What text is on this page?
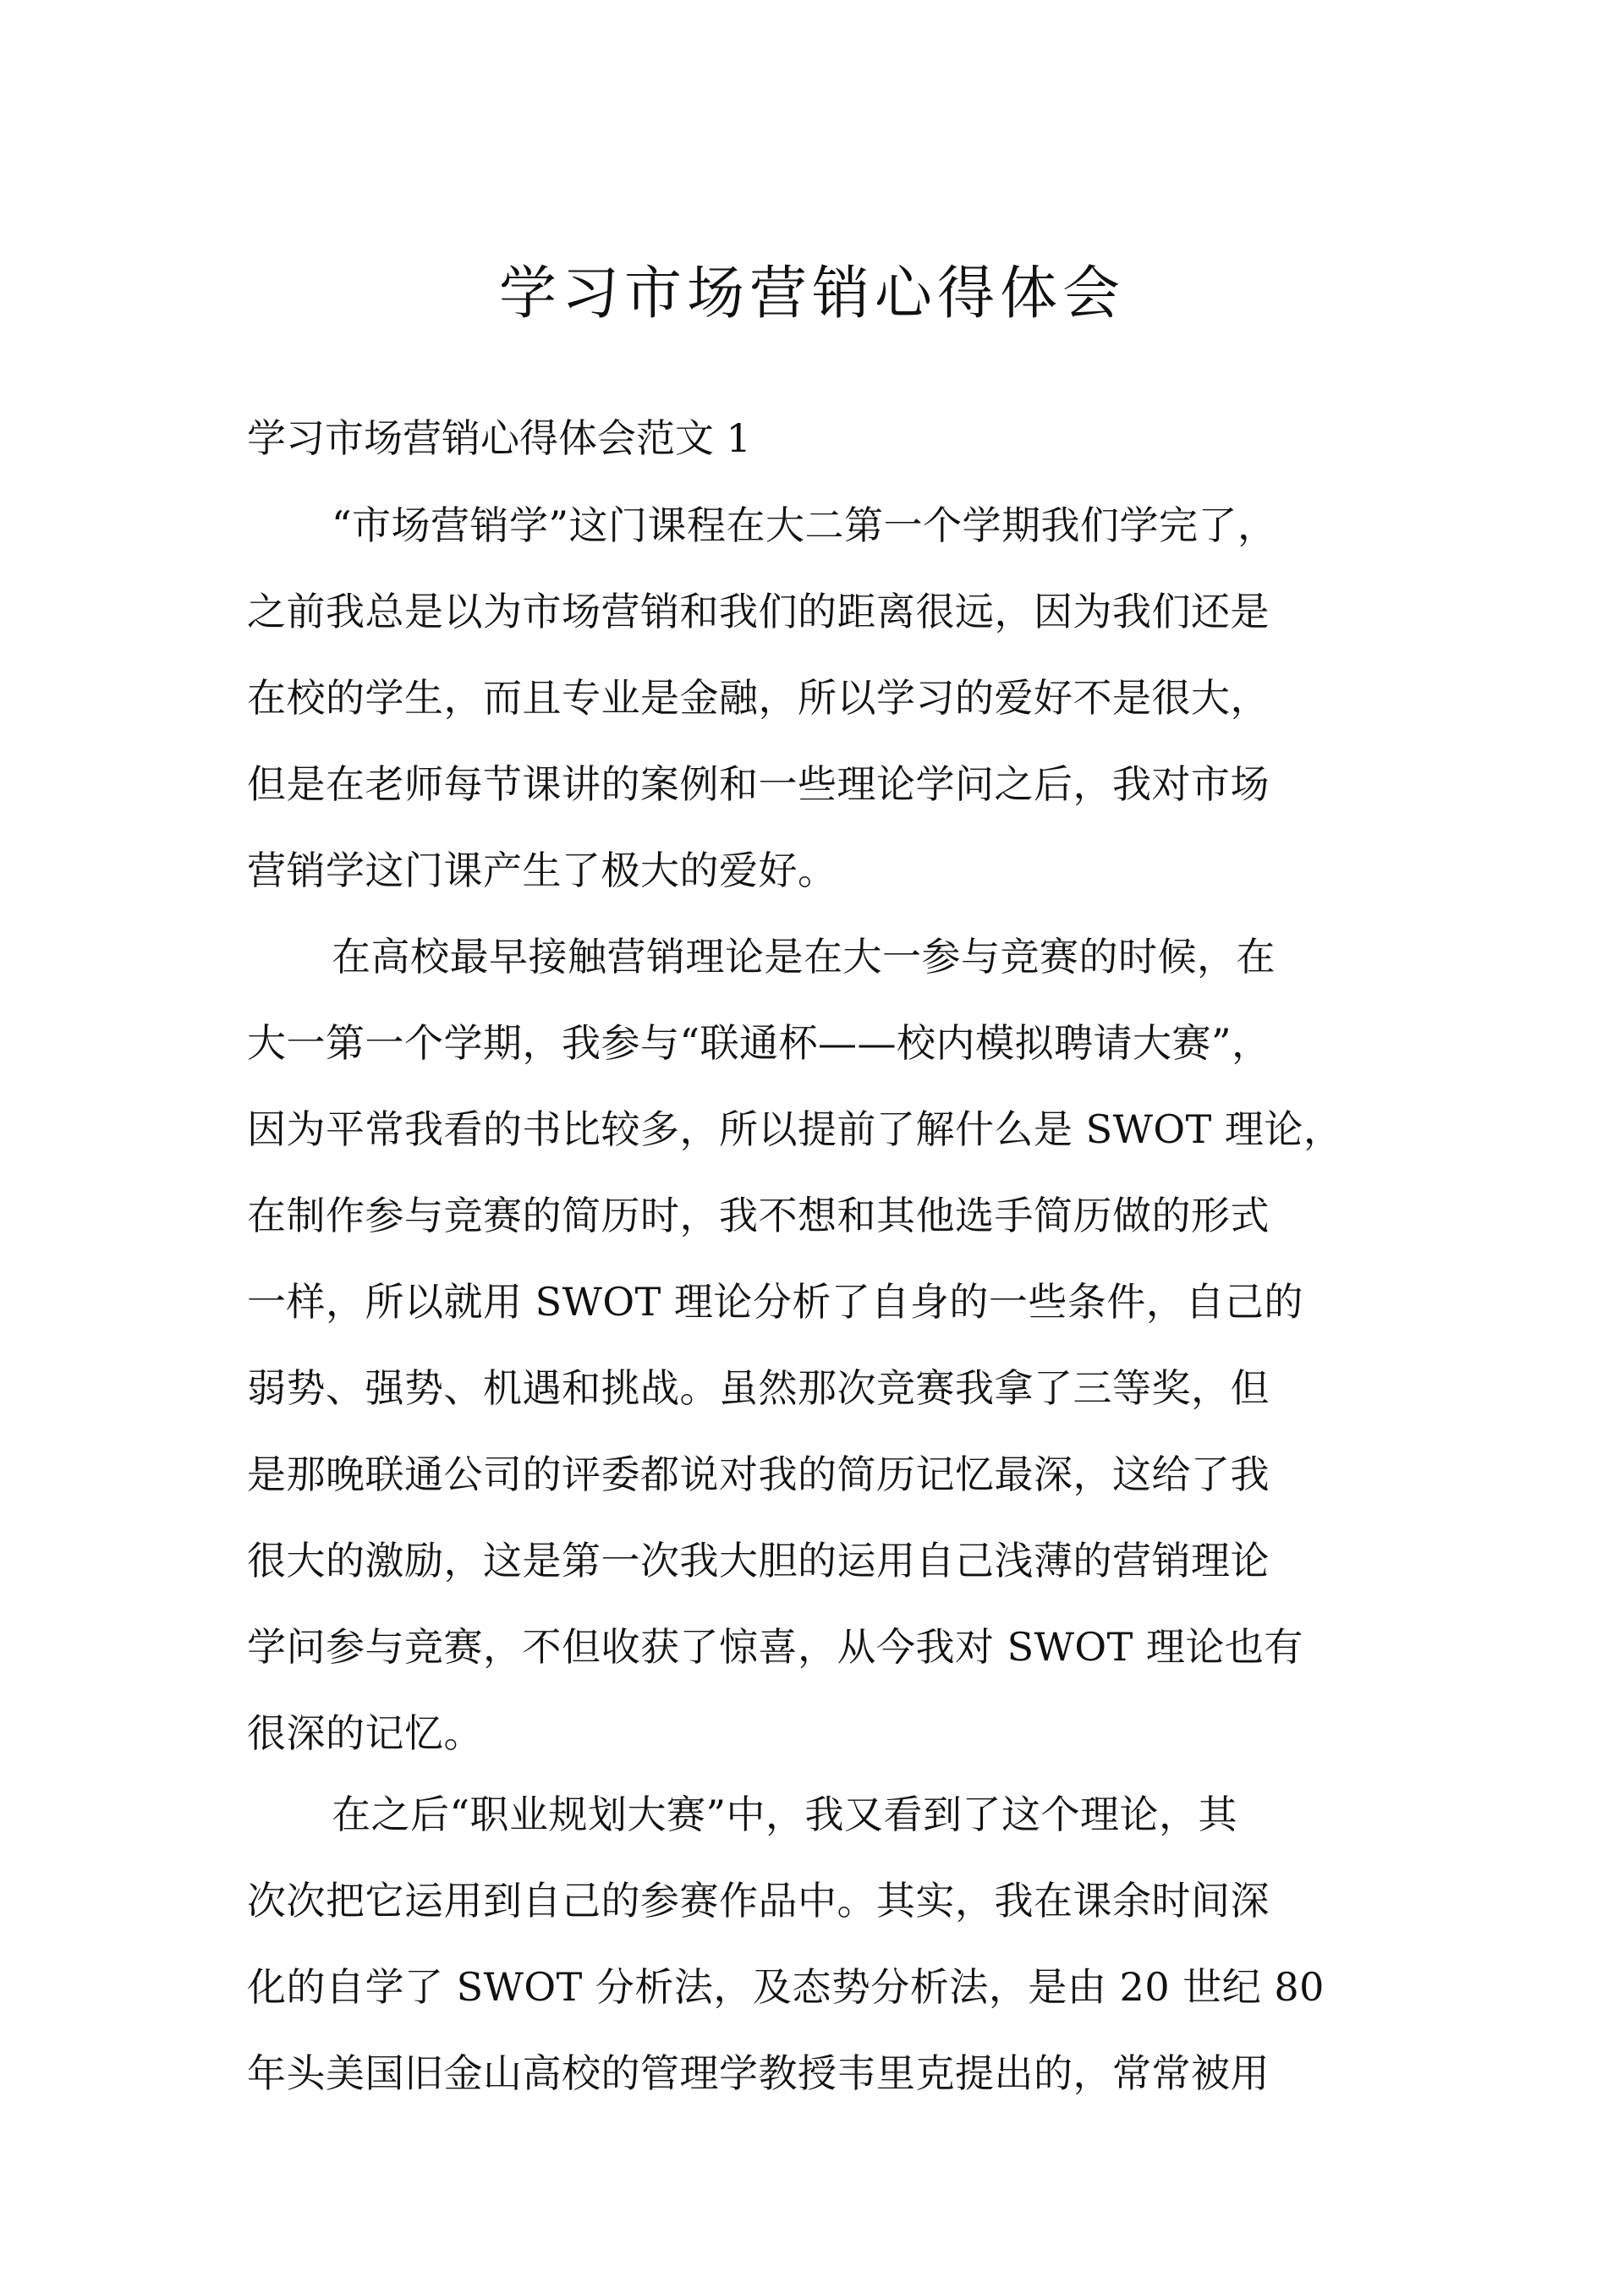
学习市场营销心得体会

学习市场营销心得体会范文 1

“市场营销学”这门课程在大二第一个学期我们学完了，
之前我总是以为市场营销和我们的距离很远，因为我们还是
在校的学生，而且专业是金融，所以学习的爱好不是很大，
但是在老师每节课讲的案例和一些理论学问之后，我对市场
营销学这门课产生了极大的爱好。
在高校最早接触营销理论是在大一参与竞赛的时候，在
大一第一个学期，我参与“联通杯——校内模拟聘请大赛”，
因为平常我看的书比较多，所以提前了解什么是 SWOT 理论，
在制作参与竞赛的简历时，我不想和其他选手简历做的形式
一样，所以就用 SWOT 理论分析了自身的一些条件，自己的
弱势、强势、机遇和挑战。虽然那次竞赛我拿了三等奖，但
是那晚联通公司的评委都说对我的简历记忆最深，这给了我
很大的激励，这是第一次我大胆的运用自己浅薄的营销理论
学问参与竞赛，不但收获了惊喜，从今我对 SWOT 理论也有
很深的记忆。
在之后“职业规划大赛”中，我又看到了这个理论，其
次次把它运用到自己的参赛作品中。其实，我在课余时间深
化的自学了 SWOT 分析法，及态势分析法，是由 20 世纪 80
年头美国旧金山高校的管理学教授韦里克提出的，常常被用
